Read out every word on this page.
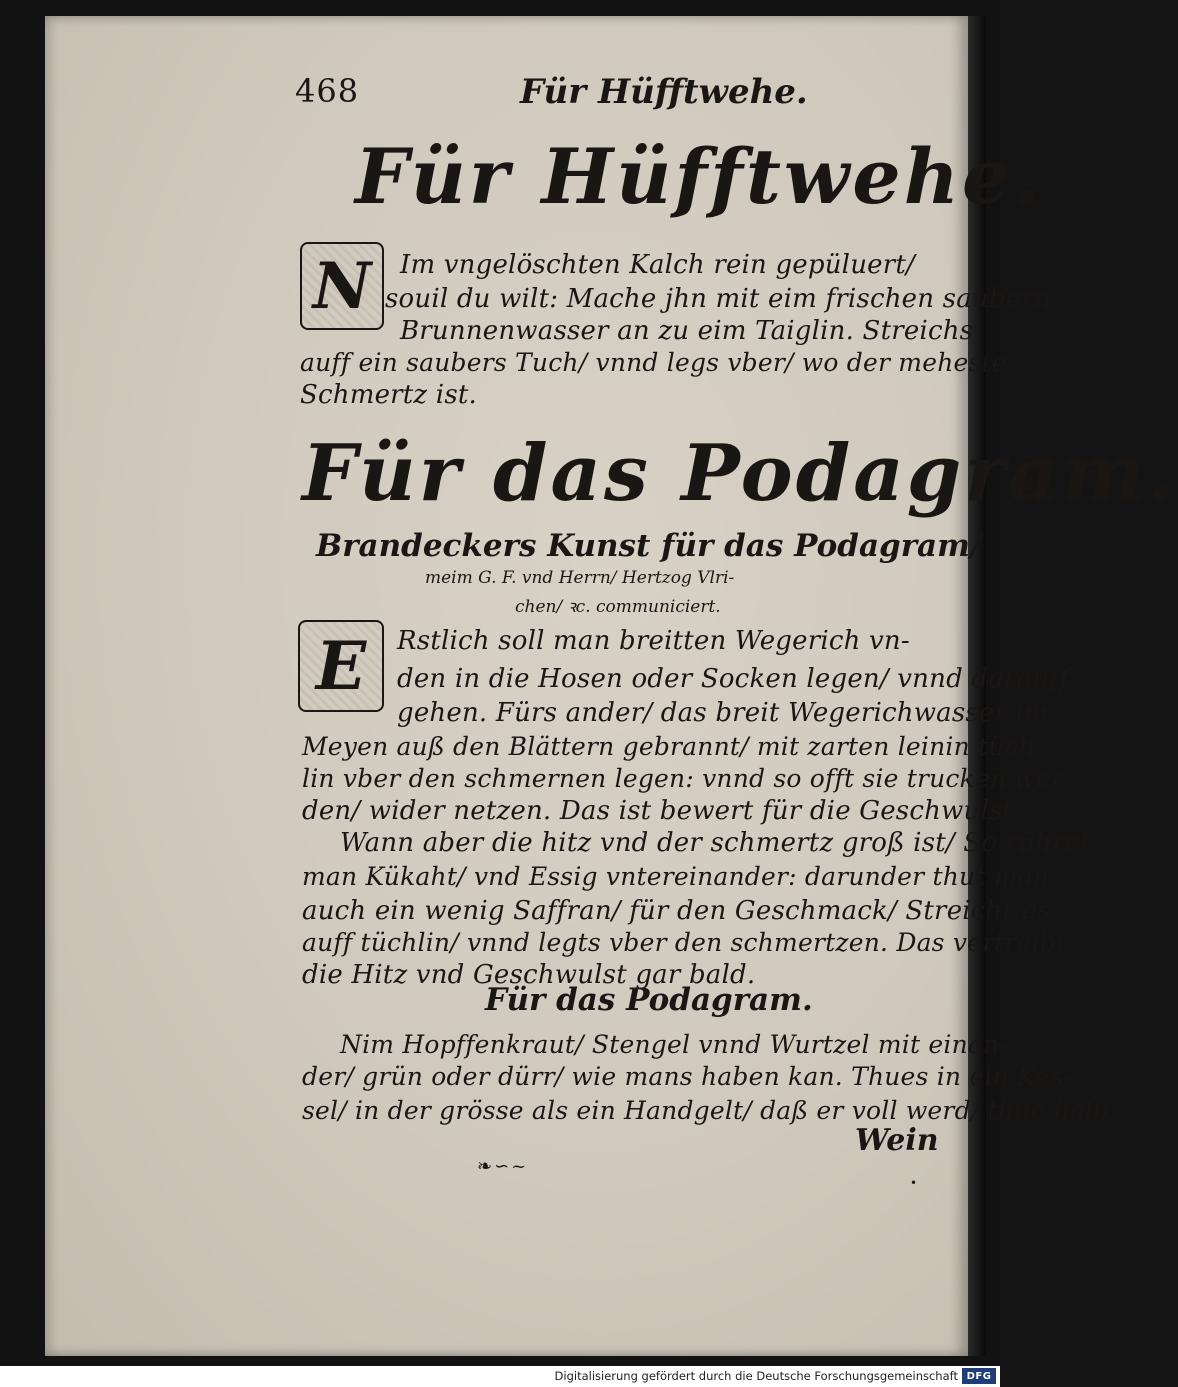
468	Für Hüfftwehe.
Für Hüfftwehe.
N	Im vngelöschten Kalch rein gepüluert/
souil du wilt: Mache jhn mit eim frischen saubern
Brunnenwasser an zu eim Taiglin. Streichs
auff ein saubers Tuch/ vnnd legs vber/ wo der meheste
Schmertz ist.
Für das Podagram.
Brandeckers Kunst für das Podagram/
meim G. F. vnd Herrn/ Hertzog Vlri-
chen/ ꝛc. communiciert.
E	Rstlich soll man breitten Wegerich vn-
den in die Hosen oder Socken legen/ vnnd darauff
gehen. Fürs ander/ das breit Wegerichwasser im
Meyen auß den Blättern gebrannt/ mit zarten leinin tüch-
lin vber den schmernen legen: vnnd so offt sie trucken wer-
den/ wider netzen. Das ist bewert für die Geschwulst.
Wann aber die hitz vnd der schmertz groß ist/ So rühret
man Kükaht/ vnd Essig vntereinander: darunder thut man
auch ein wenig Saffran/ für den Geschmack/ Streicht es
auff tüchlin/ vnnd legts vber den schmertzen. Das vertreibt
die Hitz vnd Geschwulst gar bald.
Für das Podagram.
Nim Hopffenkraut/ Stengel vnnd Wurtzel mit einan-
der/ grün oder dürr/ wie mans haben kan. Thues in ein Kes-
sel/ in der grösse als ein Handgelt/ daß er voll werd/ thue halb
Wein
❧∽~
•
Digitalisierung gefördert durch die Deutsche Forschungsgemeinschaft DFG
